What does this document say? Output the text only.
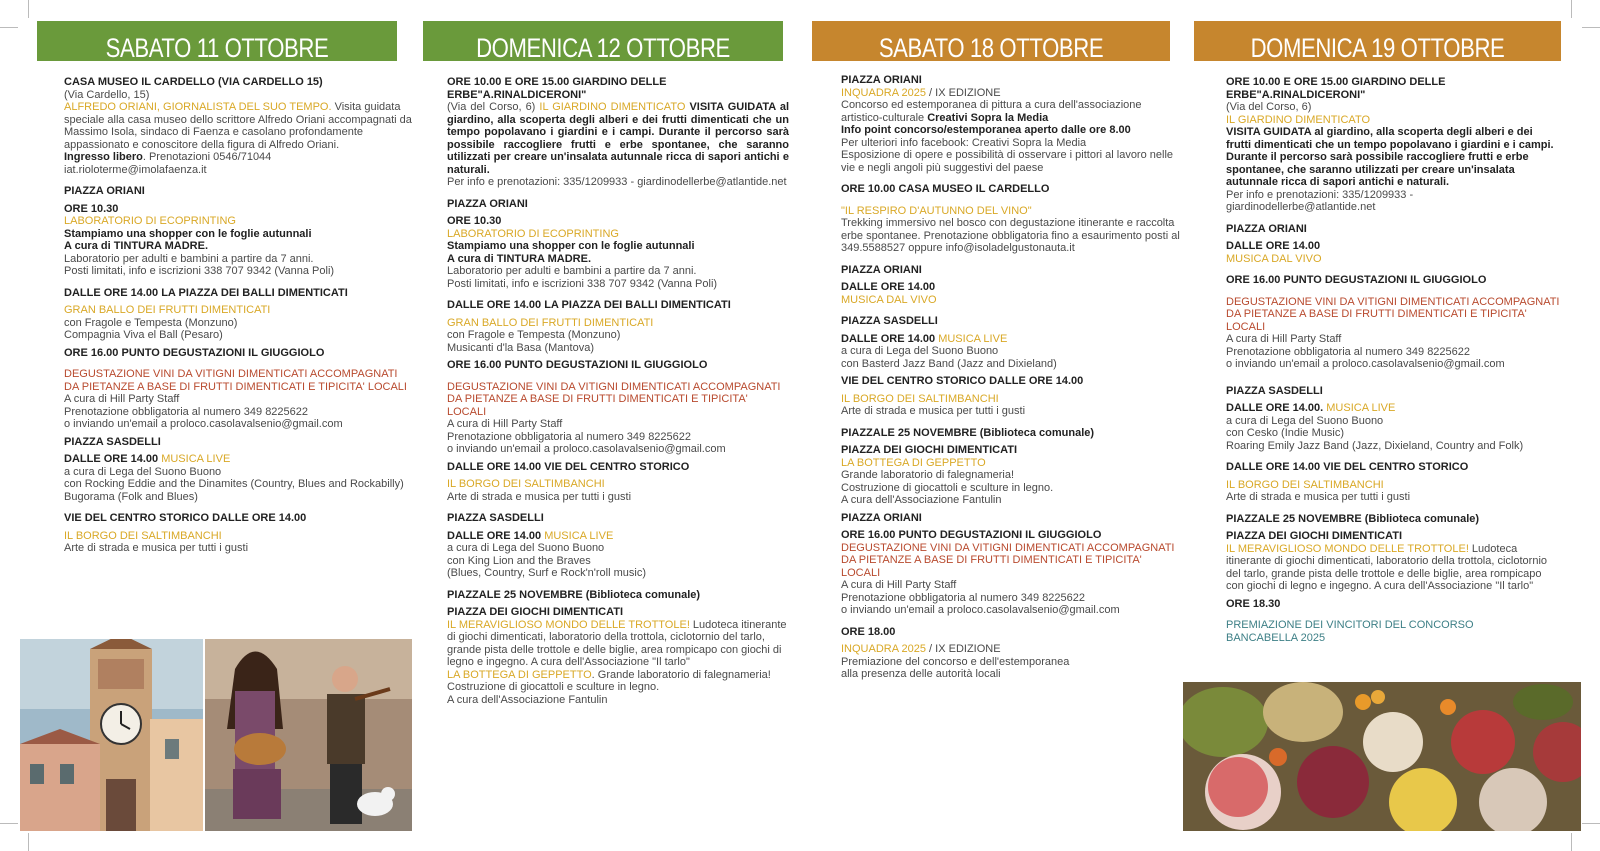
SABATO 11 OTTOBRE

CASA MUSEO IL CARDELLO (VIA CARDELLO 15)

(Via Cardello, 15)

ALFREDO ORIANI, GIORNALISTA DEL SUO TEMPO. Visita guidata speciale alla casa museo dello scrittore Alfredo Oriani accompagnati da Massimo Isola, sindaco di Faenza e casolano profondamente appassionato e conoscitore della figura di Alfredo Oriani.

Ingresso libero. Prenotazioni 0546/71044 iat.rioloterme@imolafaenza.it

PIAZZA ORIANI

ORE 10.30

LABORATORIO DI ECOPRINTING

Stampiamo una shopper con le foglie autunnali

A cura di TINTURA MADRE.

Laboratorio per adulti e bambini a partire da 7 anni.

Posti limitati, info e iscrizioni 338 707 9342 (Vanna Poli)

DALLE ORE 14.00 LA PIAZZA DEI BALLI DIMENTICATI

GRAN BALLO DEI FRUTTI DIMENTICATI

con Fragole e Tempesta (Monzuno)

Compagnia Viva el Ball (Pesaro)

ORE 16.00 PUNTO DEGUSTAZIONI IL GIUGGIOLO

DEGUSTAZIONE VINI DA VITIGNI DIMENTICATI ACCOMPAGNATI

DA PIETANZE A BASE DI FRUTTI DIMENTICATI E TIPICITA' LOCALI

A cura di Hill Party Staff

Prenotazione obbligatoria al numero 349 8225622

o inviando un'email a proloco.casolavalsenio@gmail.com

PIAZZA SASDELLI

DALLE ORE 14.00 MUSICA LIVE

a cura di Lega del Suono Buono

con Rocking Eddie and the Dinamites (Country, Blues and Rockabilly)

Bugorama (Folk and Blues)

VIE DEL CENTRO STORICO DALLE ORE 14.00

IL BORGO DEI SALTIMBANCHI

Arte di strada e musica per tutti i gusti

DOMENICA 12 OTTOBRE

ORE 10.00 E ORE 15.00 GIARDINO DELLE ERBE"A.RINALDICERONI"

(Via del Corso, 6) IL GIARDINO DIMENTICATO VISITA GUIDATA al giardino, alla scoperta degli alberi e dei frutti dimenticati che un tempo popolavano i giardini e i campi. Durante il percorso sarà possibile raccogliere frutti e erbe spontanee, che saranno utilizzati per creare un'insalata autunnale ricca di sapori antichi e naturali.

Per info e prenotazioni: 335/1209933 - giardinodellerbe@atlantide.net

PIAZZA ORIANI

ORE 10.30

LABORATORIO DI ECOPRINTING

Stampiamo una shopper con le foglie autunnali

A cura di TINTURA MADRE.

Laboratorio per adulti e bambini a partire da 7 anni.

Posti limitati, info e iscrizioni 338 707 9342 (Vanna Poli)

DALLE ORE 14.00 LA PIAZZA DEI BALLI DIMENTICATI

GRAN BALLO DEI FRUTTI DIMENTICATI

con Fragole e Tempesta (Monzuno)

Musicanti d'la Basa (Mantova)

ORE 16.00 PUNTO DEGUSTAZIONI IL GIUGGIOLO

DEGUSTAZIONE VINI DA VITIGNI DIMENTICATI ACCOMPAGNATI

DA PIETANZE A BASE DI FRUTTI DIMENTICATI E TIPICITA' LOCALI

A cura di Hill Party Staff

Prenotazione obbligatoria al numero 349 8225622

o inviando un'email a proloco.casolavalsenio@gmail.com

DALLE ORE 14.00 VIE DEL CENTRO STORICO

IL BORGO DEI SALTIMBANCHI

Arte di strada e musica per tutti i gusti

PIAZZA SASDELLI

DALLE ORE 14.00 MUSICA LIVE

a cura di Lega del Suono Buono

con King Lion and the Braves

(Blues, Country, Surf e Rock'n'roll music)

PIAZZALE 25 NOVEMBRE (Biblioteca comunale)

PIAZZA DEI GIOCHI DIMENTICATI

IL MERAVIGLIOSO MONDO DELLE TROTTOLE! Ludoteca itinerante di giochi dimenticati, laboratorio della trottola, ciclotornio del tarlo, grande pista delle trottole e delle biglie, area rompicapo con giochi di legno e ingegno. A cura dell'Associazione "Il tarlo"

LA BOTTEGA DI GEPPETTO. Grande laboratorio di falegnameria!

Costruzione di giocattoli e sculture in legno.

A cura dell'Associazione Fantulin

SABATO 18 OTTOBRE

PIAZZA ORIANI

INQUADRA 2025 / IX EDIZIONE

Concorso ed estemporanea di pittura a cura dell'associazione artistico-culturale Creativi Sopra la Media

Info point concorso/estemporanea aperto dalle ore 8.00

Per ulteriori info facebook: Creativi Sopra la Media

Esposizione di opere e possibilità di osservare i pittori al lavoro nelle vie e negli angoli più suggestivi del paese

ORE 10.00 CASA MUSEO IL CARDELLO

"IL RESPIRO D'AUTUNNO DEL VINO"

Trekking immersivo nel bosco con degustazione itinerante e raccolta erbe spontanee. Prenotazione obbligatoria fino a esaurimento posti al 349.5588527 oppure info@isoladelgustonauta.it

PIAZZA ORIANI

DALLE ORE 14.00

MUSICA DAL VIVO

PIAZZA SASDELLI

DALLE ORE 14.00 MUSICA LIVE

a cura di Lega del Suono Buono

con Basterd Jazz Band (Jazz and Dixieland)

VIE DEL CENTRO STORICO DALLE ORE 14.00

IL BORGO DEI SALTIMBANCHI

Arte di strada e musica per tutti i gusti

PIAZZALE 25 NOVEMBRE (Biblioteca comunale)

PIAZZA DEI GIOCHI DIMENTICATI

LA BOTTEGA DI GEPPETTO

Grande laboratorio di falegnameria!

Costruzione di giocattoli e sculture in legno.

A cura dell'Associazione Fantulin

PIAZZA ORIANI

ORE 16.00 PUNTO DEGUSTAZIONI IL GIUGGIOLO

DEGUSTAZIONE VINI DA VITIGNI DIMENTICATI ACCOMPAGNATI

DA PIETANZE A BASE DI FRUTTI DIMENTICATI E TIPICITA' LOCALI

A cura di Hill Party Staff

Prenotazione obbligatoria al numero 349 8225622

o inviando un'email a proloco.casolavalsenio@gmail.com

ORE 18.00

INQUADRA 2025 / IX EDIZIONE

Premiazione del concorso e dell'estemporanea

alla presenza delle autorità locali

DOMENICA 19 OTTOBRE

ORE 10.00 E ORE 15.00 GIARDINO DELLE ERBE"A.RINALDICERONI"

(Via del Corso, 6)

IL GIARDINO DIMENTICATO

VISITA GUIDATA al giardino, alla scoperta degli alberi e dei frutti dimenticati che un tempo popolavano i giardini e i campi. Durante il percorso sarà possibile raccogliere frutti e erbe spontanee, che saranno utilizzati per creare un'insalata autunnale ricca di sapori antichi e naturali.

Per info e prenotazioni: 335/1209933 - giardinodellerbe@atlantide.net

PIAZZA ORIANI

DALLE ORE 14.00

MUSICA DAL VIVO

ORE 16.00 PUNTO DEGUSTAZIONI IL GIUGGIOLO

DEGUSTAZIONE VINI DA VITIGNI DIMENTICATI ACCOMPAGNATI

DA PIETANZE A BASE DI FRUTTI DIMENTICATI E TIPICITA' LOCALI

A cura di Hill Party Staff

Prenotazione obbligatoria al numero 349 8225622

o inviando un'email a proloco.casolavalsenio@gmail.com

PIAZZA SASDELLI

DALLE ORE 14.00. MUSICA LIVE

a cura di Lega del Suono Buono

con Cesko (Indie Music)

Roaring Emily Jazz Band (Jazz, Dixieland, Country and Folk)

DALLE ORE 14.00 VIE DEL CENTRO STORICO

IL BORGO DEI SALTIMBANCHI

Arte di strada e musica per tutti i gusti

PIAZZALE 25 NOVEMBRE (Biblioteca comunale)

PIAZZA DEI GIOCHI DIMENTICATI

IL MERAVIGLIOSO MONDO DELLE TROTTOLE! Ludoteca itinerante di giochi dimenticati, laboratorio della trottola, ciclotornio del tarlo, grande pista delle trottole e delle biglie, area rompicapo con giochi di legno e ingegno. A cura dell'Associazione "Il tarlo"

ORE 18.30

PREMIAZIONE DEI VINCITORI DEL CONCORSO

BANCABELLA 2025
